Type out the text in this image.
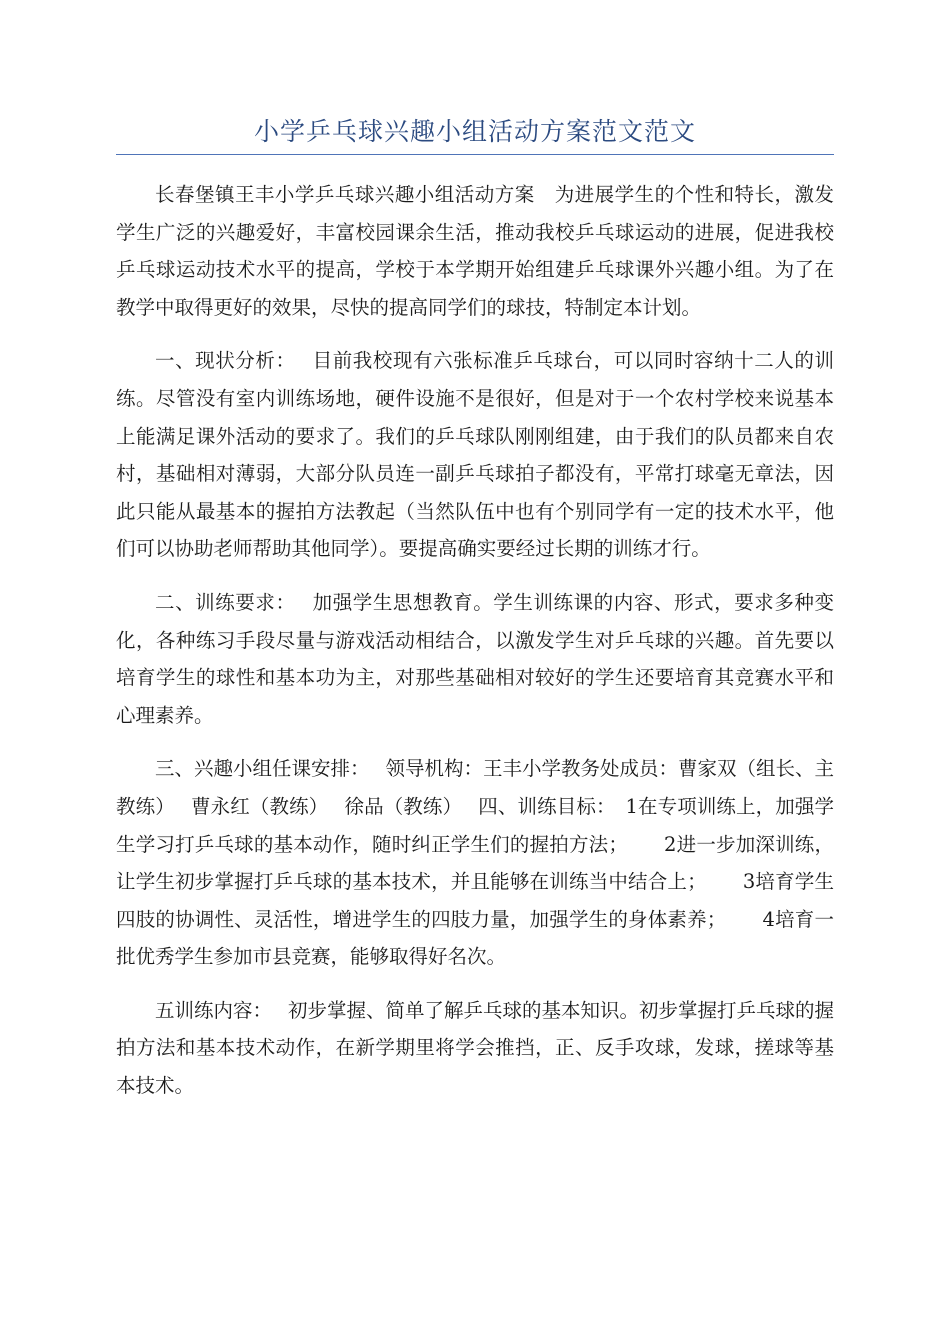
小学乒乓球兴趣小组活动方案范文范文

长春堡镇王丰小学乒乓球兴趣小组活动方案　为进展学生的个性和特长，激发学生广泛的兴趣爱好，丰富校园课余生活，推动我校乒乓球运动的进展，促进我校乒乓球运动技术水平的提高，学校于本学期开始组建乒乓球课外兴趣小组。为了在教学中取得更好的效果，尽快的提高同学们的球技，特制定本计划。

一、现状分析：　 目前我校现有六张标准乒乓球台，可以同时容纳十二人的训练。尽管没有室内训练场地，硬件设施不是很好，但是对于一个农村学校来说基本上能满足课外活动的要求了。我们的乒乓球队刚刚组建，由于我们的队员都来自农村，基础相对薄弱，大部分队员连一副乒乓球拍子都没有，平常打球毫无章法，因此只能从最基本的握拍方法教起（当然队伍中也有个别同学有一定的技术水平，他们可以协助老师帮助其他同学）。要提高确实要经过长期的训练才行。

二、训练要求：　 加强学生思想教育。学生训练课的内容、形式，要求多种变化，各种练习手段尽量与游戏活动相结合，以激发学生对乒乓球的兴趣。首先要以培育学生的球性和基本功为主，对那些基础相对较好的学生还要培育其竞赛水平和心理素养。

三、兴趣小组任课安排：　 领导机构：王丰小学教务处成员：曹家双（组长、主教练）　 曹永红（教练）　 徐品（教练）　 四、训练目标：　1在专项训练上，加强学生学习打乒乓球的基本动作，随时纠正学生们的握拍方法；　　 2进一步加深训练，让学生初步掌握打乒乓球的基本技术，并且能够在训练当中结合上；　　 3培育学生四肢的协调性、灵活性，增进学生的四肢力量，加强学生的身体素养；　　 4培育一批优秀学生参加市县竞赛，能够取得好名次。

五训练内容：　 初步掌握、简单了解乒乓球的基本知识。初步掌握打乒乓球的握拍方法和基本技术动作，在新学期里将学会推挡，正、反手攻球，发球，搓球等基本技术。
